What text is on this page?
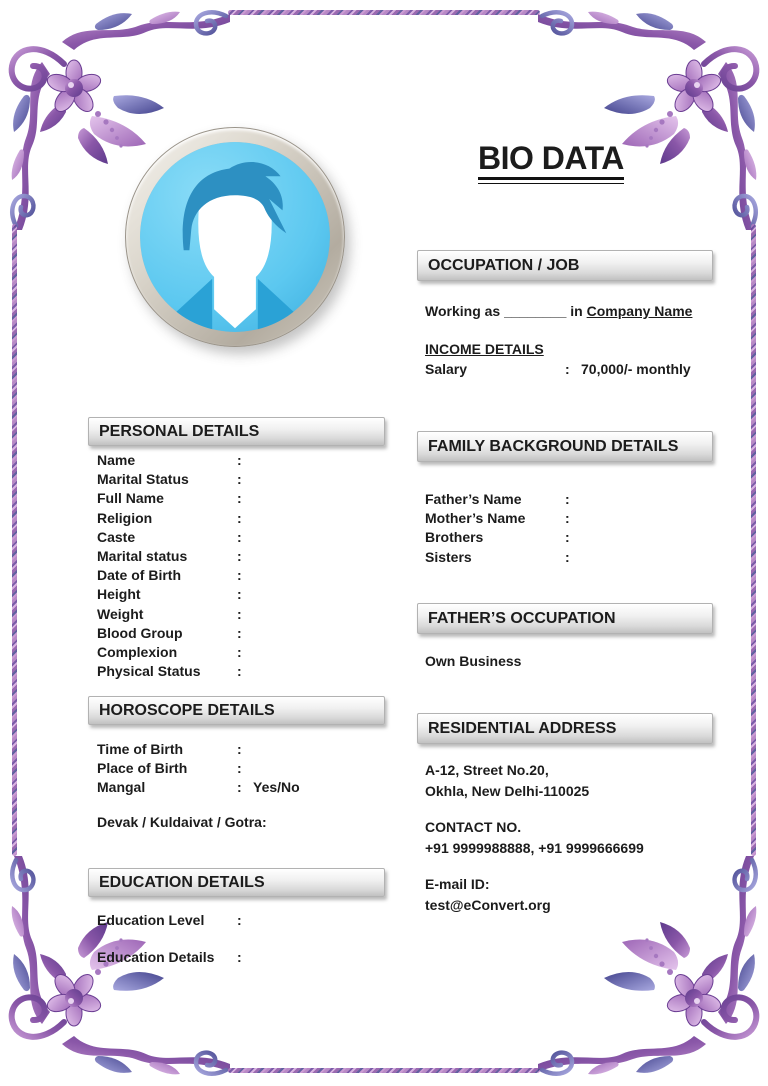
BIO DATA
OCCUPATION / JOB
PERSONAL DETAILS
FAMILY BACKGROUND DETAILS
FATHER’S OCCUPATION
HOROSCOPE DETAILS
RESIDENTIAL ADDRESS
EDUCATION DETAILS
Working as ________ in Company Name
INCOME DETAILS
Salary	: 70,000/- monthly
Name	:
Marital Status	:
Full Name	:
Religion	:
Caste	:
Marital status	:
Date of Birth	:
Height	:
Weight	:
Blood Group	:
Complexion	:
Physical Status	:
Father’s Name	:
Mother’s Name	:
Brothers	:
Sisters	:
Own Business
Time of Birth	:
Place of Birth	:
Mangal	: Yes/No
Devak / Kuldaivat / Gotra:
A-12, Street No.20,
Okhla, New Delhi-110025
CONTACT NO.
+91 9999988888, +91 9999666699
E-mail ID:
test@eConvert.org
Education Level	:
Education Details	:
